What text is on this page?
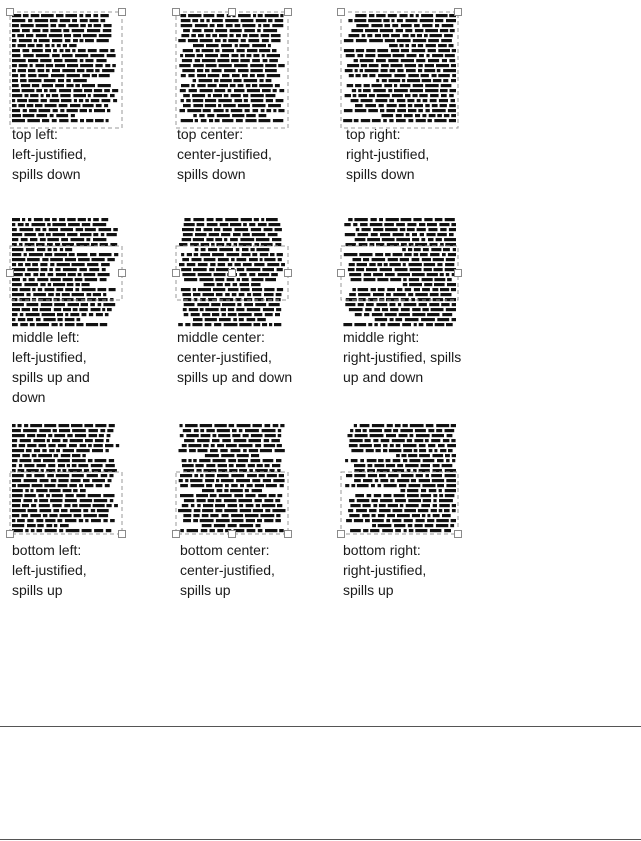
top left:
left-justified,
spills down
top center:
center-justified,
spills down
top right:
right-justified,
spills down
middle left:
left-justified,
spills up and
down
middle center:
center-justified,
spills up and down
middle right:
right-justified, spills
up and down
bottom left:
left-justified,
spills up
bottom center:
center-justified,
spills up
bottom right:
right-justified,
spills up
